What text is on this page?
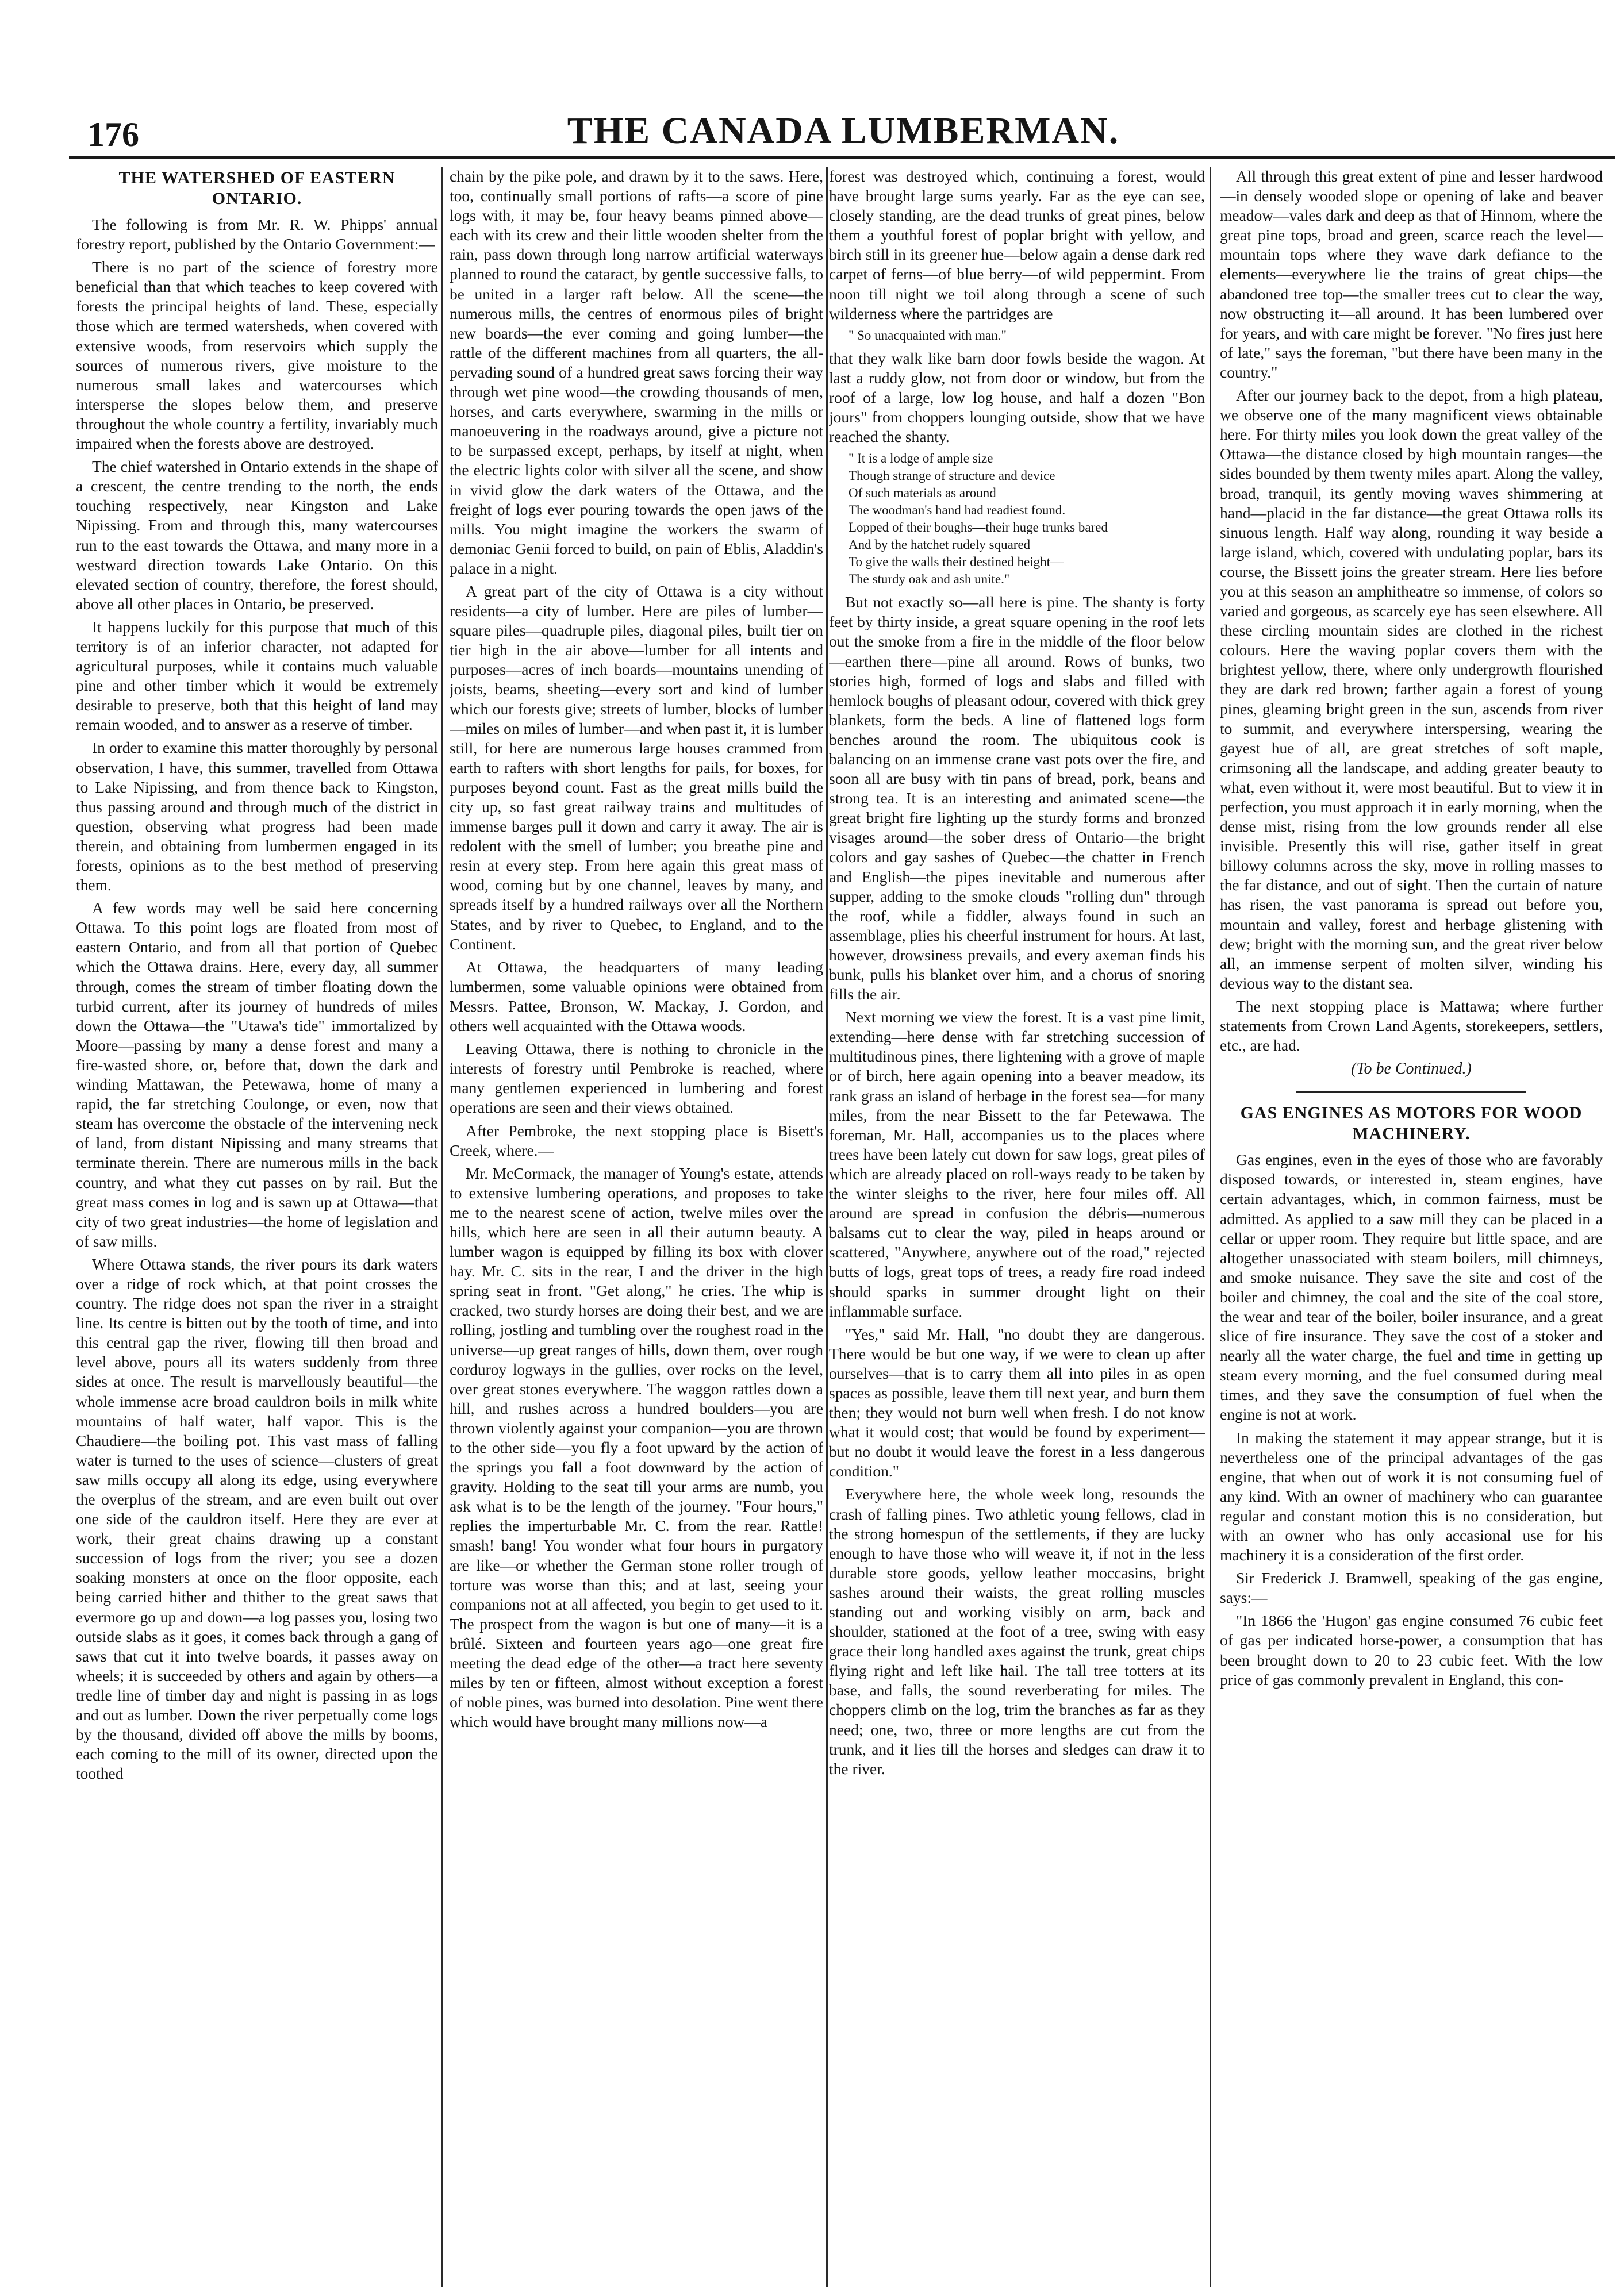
176	THE CANADA LUMBERMAN.
THE WATERSHED OF EASTERN ONTARIO.

The following is from Mr. R. W. Phipps' annual forestry report, published by the Ontario Government:—

There is no part of the science of forestry more beneficial than that which teaches to keep covered with forests the principal heights of land. These, especially those which are termed watersheds, when covered with extensive woods, from reservoirs which supply the sources of numerous rivers, give moisture to the numerous small lakes and watercourses which intersperse the slopes below them, and preserve throughout the whole country a fertility, invariably much impaired when the forests above are destroyed.

The chief watershed in Ontario extends in the shape of a crescent, the centre trending to the north, the ends touching respectively, near Kingston and Lake Nipissing. From and through this, many watercourses run to the east towards the Ottawa, and many more in a westward direction towards Lake Ontario. On this elevated section of country, therefore, the forest should, above all other places in Ontario, be preserved.

It happens luckily for this purpose that much of this territory is of an inferior character, not adapted for agricultural purposes, while it contains much valuable pine and other timber which it would be extremely desirable to preserve, both that this height of land may remain wooded, and to answer as a reserve of timber.

In order to examine this matter thoroughly by personal observation, I have, this summer, travelled from Ottawa to Lake Nipissing, and from thence back to Kingston, thus passing around and through much of the district in question, observing what progress had been made therein, and obtaining from lumbermen engaged in its forests, opinions as to the best method of preserving them.

A few words may well be said here concerning Ottawa. To this point logs are floated from most of eastern Ontario, and from all that portion of Quebec which the Ottawa drains. Here, every day, all summer through, comes the stream of timber floating down the turbid current, after its journey of hundreds of miles down the Ottawa—the "Utawa's tide" immortalized by Moore—passing by many a dense forest and many a fire-wasted shore, or, before that, down the dark and winding Mattawan, the Petewawa, home of many a rapid, the far stretching Coulonge, or even, now that steam has overcome the obstacle of the intervening neck of land, from distant Nipissing and many streams that terminate therein. There are numerous mills in the back country, and what they cut passes on by rail. But the great mass comes in log and is sawn up at Ottawa—that city of two great industries—the home of legislation and of saw mills.

Where Ottawa stands, the river pours its dark waters over a ridge of rock which, at that point crosses the country. The ridge does not span the river in a straight line. Its centre is bitten out by the tooth of time, and into this central gap the river, flowing till then broad and level above, pours all its waters suddenly from three sides at once. The result is marvellously beautiful—the whole immense acre broad cauldron boils in milk white mountains of half water, half vapor. This is the Chaudiere—the boiling pot. This vast mass of falling water is turned to the uses of science—clusters of great saw mills occupy all along its edge, using everywhere the overplus of the stream, and are even built out over one side of the cauldron itself. Here they are ever at work, their great chains drawing up a constant succession of logs from the river; you see a dozen soaking monsters at once on the floor opposite, each being carried hither and thither to the great saws that evermore go up and down—a log passes you, losing two outside slabs as it goes, it comes back through a gang of saws that cut it into twelve boards, it passes away on wheels; it is succeeded by others and again by others—a tredle line of timber day and night is passing in as logs and out as lumber. Down the river perpetually come logs by the thousand, divided off above the mills by booms, each coming to the mill of its owner, directed upon the toothed

chain by the pike pole, and drawn by it to the saws. Here, too, continually small portions of rafts—a score of pine logs with, it may be, four heavy beams pinned above—each with its crew and their little wooden shelter from the rain, pass down through long narrow artificial waterways planned to round the cataract, by gentle successive falls, to be united in a larger raft below. All the scene—the numerous mills, the centres of enormous piles of bright new boards—the ever coming and going lumber—the rattle of the different machines from all quarters, the all-pervading sound of a hundred great saws forcing their way through wet pine wood—the crowding thousands of men, horses, and carts everywhere, swarming in the mills or manoeuvering in the roadways around, give a picture not to be surpassed except, perhaps, by itself at night, when the electric lights color with silver all the scene, and show in vivid glow the dark waters of the Ottawa, and the freight of logs ever pouring towards the open jaws of the mills. You might imagine the workers the swarm of demoniac Genii forced to build, on pain of Eblis, Aladdin's palace in a night.

A great part of the city of Ottawa is a city without residents—a city of lumber. Here are piles of lumber—square piles—quadruple piles, diagonal piles, built tier on tier high in the air above—lumber for all intents and purposes—acres of inch boards—mountains unending of joists, beams, sheeting—every sort and kind of lumber which our forests give; streets of lumber, blocks of lumber—miles on miles of lumber—and when past it, it is lumber still, for here are numerous large houses crammed from earth to rafters with short lengths for pails, for boxes, for purposes beyond count. Fast as the great mills build the city up, so fast great railway trains and multitudes of immense barges pull it down and carry it away. The air is redolent with the smell of lumber; you breathe pine and resin at every step. From here again this great mass of wood, coming but by one channel, leaves by many, and spreads itself by a hundred railways over all the Northern States, and by river to Quebec, to England, and to the Continent.

At Ottawa, the headquarters of many leading lumbermen, some valuable opinions were obtained from Messrs. Pattee, Bronson, W. Mackay, J. Gordon, and others well acquainted with the Ottawa woods.

Leaving Ottawa, there is nothing to chronicle in the interests of forestry until Pembroke is reached, where many gentlemen experienced in lumbering and forest operations are seen and their views obtained.

After Pembroke, the next stopping place is Bisett's Creek, where.—

Mr. McCormack, the manager of Young's estate, attends to extensive lumbering operations, and proposes to take me to the nearest scene of action, twelve miles over the hills, which here are seen in all their autumn beauty. A lumber wagon is equipped by filling its box with clover hay. Mr. C. sits in the rear, I and the driver in the high spring seat in front. "Get along," he cries. The whip is cracked, two sturdy horses are doing their best, and we are rolling, jostling and tumbling over the roughest road in the universe—up great ranges of hills, down them, over rough corduroy logways in the gullies, over rocks on the level, over great stones everywhere. The waggon rattles down a hill, and rushes across a hundred boulders—you are thrown violently against your companion—you are thrown to the other side—you fly a foot upward by the action of the springs you fall a foot downward by the action of gravity. Holding to the seat till your arms are numb, you ask what is to be the length of the journey. "Four hours," replies the imperturbable Mr. C. from the rear. Rattle! smash! bang! You wonder what four hours in purgatory are like—or whether the German stone roller trough of torture was worse than this; and at last, seeing your companions not at all affected, you begin to get used to it. The prospect from the wagon is but one of many—it is a brûlé. Sixteen and fourteen years ago—one great fire meeting the dead edge of the other—a tract here seventy miles by ten or fifteen, almost without exception a forest of noble pines, was burned into desolation. Pine went there which would have brought many millions now—a

forest was destroyed which, continuing a forest, would have brought large sums yearly. Far as the eye can see, closely standing, are the dead trunks of great pines, below them a youthful forest of poplar bright with yellow, and birch still in its greener hue—below again a dense dark red carpet of ferns—of blue berry—of wild peppermint. From noon till night we toil along through a scene of such wilderness where the partridges are

" So unacquainted with man."

that they walk like barn door fowls beside the wagon. At last a ruddy glow, not from door or window, but from the roof of a large, low log house, and half a dozen "Bon jours" from choppers lounging outside, show that we have reached the shanty.

" It is a lodge of ample size
Though strange of structure and device
Of such materials as around
The woodman's hand had readiest found.
Lopped of their boughs—their huge trunks bared
And by the hatchet rudely squared
To give the walls their destined height—
The sturdy oak and ash unite."

But not exactly so—all here is pine. The shanty is forty feet by thirty inside, a great square opening in the roof lets out the smoke from a fire in the middle of the floor below—earthen there—pine all around. Rows of bunks, two stories high, formed of logs and slabs and filled with hemlock boughs of pleasant odour, covered with thick grey blankets, form the beds. A line of flattened logs form benches around the room. The ubiquitous cook is balancing on an immense crane vast pots over the fire, and soon all are busy with tin pans of bread, pork, beans and strong tea. It is an interesting and animated scene—the great bright fire lighting up the sturdy forms and bronzed visages around—the sober dress of Ontario—the bright colors and gay sashes of Quebec—the chatter in French and English—the pipes inevitable and numerous after supper, adding to the smoke clouds "rolling dun" through the roof, while a fiddler, always found in such an assemblage, plies his cheerful instrument for hours. At last, however, drowsiness prevails, and every axeman finds his bunk, pulls his blanket over him, and a chorus of snoring fills the air.

Next morning we view the forest. It is a vast pine limit, extending—here dense with far stretching succession of multitudinous pines, there lightening with a grove of maple or of birch, here again opening into a beaver meadow, its rank grass an island of herbage in the forest sea—for many miles, from the near Bissett to the far Petewawa. The foreman, Mr. Hall, accompanies us to the places where trees have been lately cut down for saw logs, great piles of which are already placed on roll-ways ready to be taken by the winter sleighs to the river, here four miles off. All around are spread in confusion the débris—numerous balsams cut to clear the way, piled in heaps around or scattered, "Anywhere, anywhere out of the road," rejected butts of logs, great tops of trees, a ready fire road indeed should sparks in summer drought light on their inflammable surface.

"Yes," said Mr. Hall, "no doubt they are dangerous. There would be but one way, if we were to clean up after ourselves—that is to carry them all into piles in as open spaces as possible, leave them till next year, and burn them then; they would not burn well when fresh. I do not know what it would cost; that would be found by experiment—but no doubt it would leave the forest in a less dangerous condition."

Everywhere here, the whole week long, resounds the crash of falling pines. Two athletic young fellows, clad in the strong homespun of the settlements, if they are lucky enough to have those who will weave it, if not in the less durable store goods, yellow leather moccasins, bright sashes around their waists, the great rolling muscles standing out and working visibly on arm, back and shoulder, stationed at the foot of a tree, swing with easy grace their long handled axes against the trunk, great chips flying right and left like hail. The tall tree totters at its base, and falls, the sound reverberating for miles. The choppers climb on the log, trim the branches as far as they need; one, two, three or more lengths are cut from the trunk, and it lies till the horses and sledges can draw it to the river.

All through this great extent of pine and lesser hardwood—in densely wooded slope or opening of lake and beaver meadow—vales dark and deep as that of Hinnom, where the great pine tops, broad and green, scarce reach the level—mountain tops where they wave dark defiance to the elements—everywhere lie the trains of great chips—the abandoned tree top—the smaller trees cut to clear the way, now obstructing it—all around. It has been lumbered over for years, and with care might be forever. "No fires just here of late," says the foreman, "but there have been many in the country."

After our journey back to the depot, from a high plateau, we observe one of the many magnificent views obtainable here. For thirty miles you look down the great valley of the Ottawa—the distance closed by high mountain ranges—the sides bounded by them twenty miles apart. Along the valley, broad, tranquil, its gently moving waves shimmering at hand—placid in the far distance—the great Ottawa rolls its sinuous length. Half way along, rounding it way beside a large island, which, covered with undulating poplar, bars its course, the Bissett joins the greater stream. Here lies before you at this season an amphitheatre so immense, of colors so varied and gorgeous, as scarcely eye has seen elsewhere. All these circling mountain sides are clothed in the richest colours. Here the waving poplar covers them with the brightest yellow, there, where only undergrowth flourished they are dark red brown; farther again a forest of young pines, gleaming bright green in the sun, ascends from river to summit, and everywhere interspersing, wearing the gayest hue of all, are great stretches of soft maple, crimsoning all the landscape, and adding greater beauty to what, even without it, were most beautiful. But to view it in perfection, you must approach it in early morning, when the dense mist, rising from the low grounds render all else invisible. Presently this will rise, gather itself in great billowy columns across the sky, move in rolling masses to the far distance, and out of sight. Then the curtain of nature has risen, the vast panorama is spread out before you, mountain and valley, forest and herbage glistening with dew; bright with the morning sun, and the great river below all, an immense serpent of molten silver, winding his devious way to the distant sea.

The next stopping place is Mattawa; where further statements from Crown Land Agents, storekeepers, settlers, etc., are had.

(To be Continued.)
GAS ENGINES AS MOTORS FOR WOOD MACHINERY.

Gas engines, even in the eyes of those who are favorably disposed towards, or interested in, steam engines, have certain advantages, which, in common fairness, must be admitted. As applied to a saw mill they can be placed in a cellar or upper room. They require but little space, and are altogether unassociated with steam boilers, mill chimneys, and smoke nuisance. They save the site and cost of the boiler and chimney, the coal and the site of the coal store, the wear and tear of the boiler, boiler insurance, and a great slice of fire insurance. They save the cost of a stoker and nearly all the water charge, the fuel and time in getting up steam every morning, and the fuel consumed during meal times, and they save the consumption of fuel when the engine is not at work.

In making the statement it may appear strange, but it is nevertheless one of the principal advantages of the gas engine, that when out of work it is not consuming fuel of any kind. With an owner of machinery who can guarantee regular and constant motion this is no consideration, but with an owner who has only accasional use for his machinery it is a consideration of the first order.

Sir Frederick J. Bramwell, speaking of the gas engine, says:—

"In 1866 the 'Hugon' gas engine consumed 76 cubic feet of gas per indicated horse-power, a consumption that has been brought down to 20 to 23 cubic feet. With the low price of gas commonly prevalent in England, this con-
